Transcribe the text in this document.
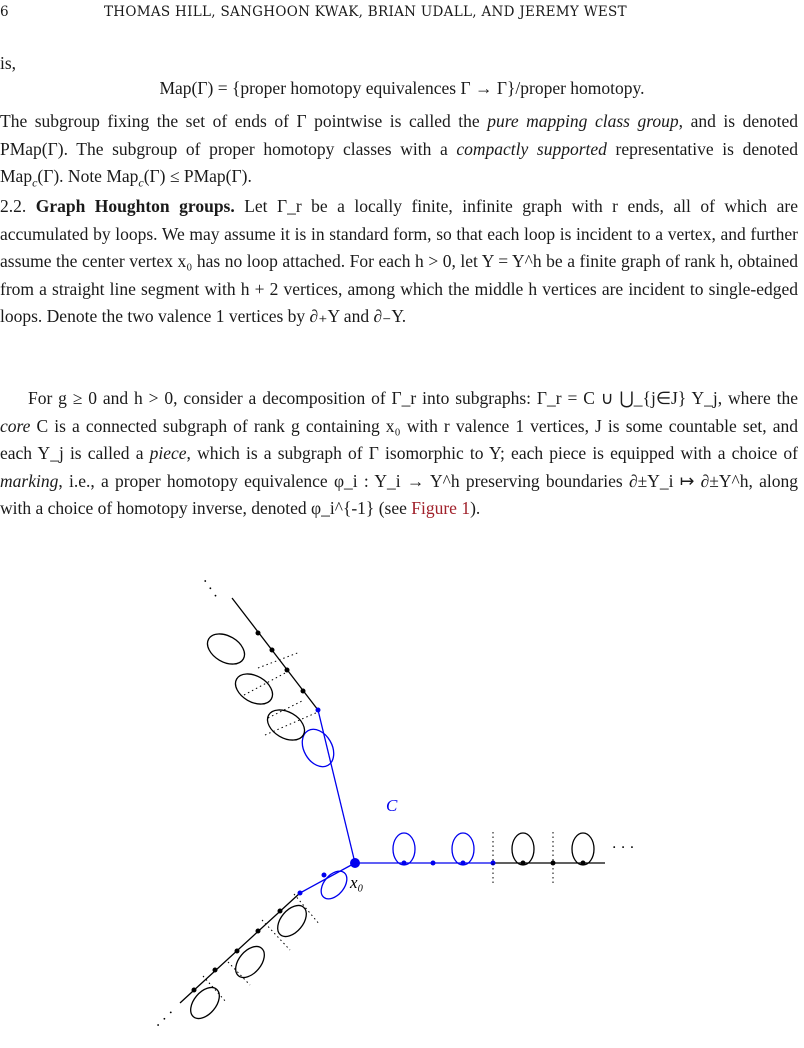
6	THOMAS HILL, SANGHOON KWAK, BRIAN UDALL, AND JEREMY WEST
is,
Map(Γ) = {proper homotopy equivalences Γ → Γ}/proper homotopy.
The subgroup fixing the set of ends of Γ pointwise is called the pure mapping class group, and is denoted PMap(Γ). The subgroup of proper homotopy classes with a compactly supported representative is denoted Map$_c$(Γ). Note Map$_c$(Γ) ≤ PMap(Γ).
2.2. Graph Houghton groups. Let Γ_r be a locally finite, infinite graph with r ends, all of which are accumulated by loops. We may assume it is in standard form, so that each loop is incident to a vertex, and further assume the center vertex x₀ has no loop attached. For each h > 0, let Y = Y^h be a finite graph of rank h, obtained from a straight line segment with h + 2 vertices, among which the middle h vertices are incident to single-edged loops. Denote the two valence 1 vertices by ∂₊Y and ∂₋Y.
For g ≥ 0 and h > 0, consider a decomposition of Γ_r into subgraphs: Γ_r = C ∪ ⋃_{j∈J} Y_j, where the core C is a connected subgraph of rank g containing x₀ with r valence 1 vertices, J is some countable set, and each Y_j is called a piece, which is a subgraph of Γ isomorphic to Y; each piece is equipped with a choice of marking, i.e., a proper homotopy equivalence φ_i : Y_i → Y^h preserving boundaries ∂±Y_i ↦ ∂±Y^h, along with a choice of homotopy inverse, denoted φ_i^{-1} (see Figure 1).
· · ·
· · ·
· · ·
C
x₀
